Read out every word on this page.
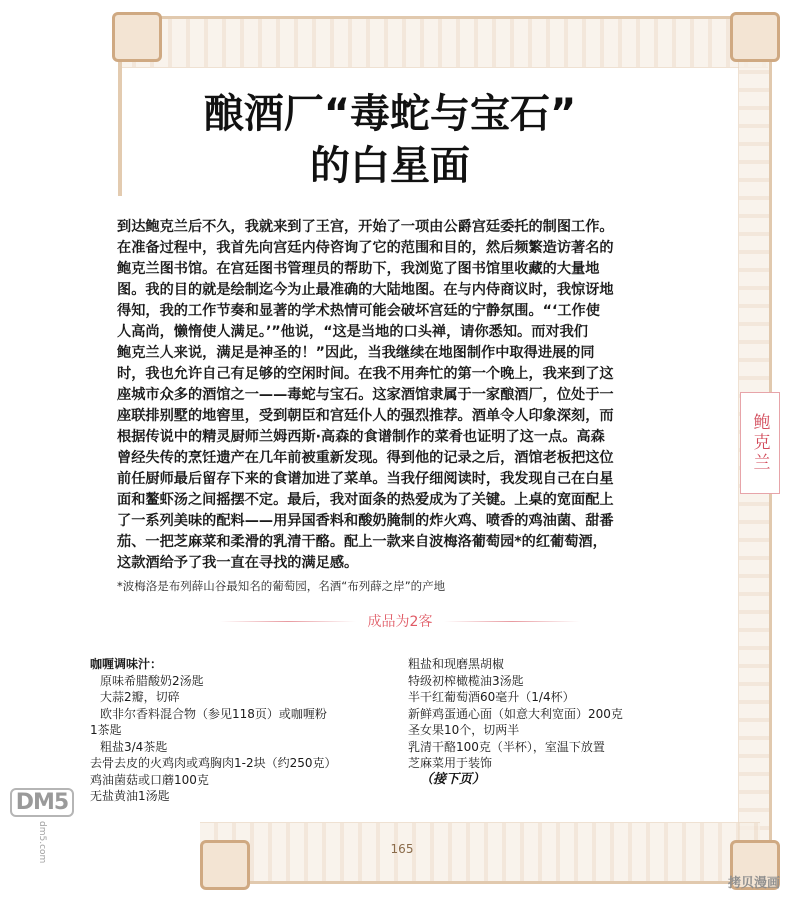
鲍克兰
酿酒厂“毒蛇与宝石”
的白星面
到达鲍克兰后不久，我就来到了王宫，开始了一项由公爵宫廷委托的制图工作。
在准备过程中，我首先向宫廷内侍咨询了它的范围和目的，然后频繁造访著名的
鲍克兰图书馆。在宫廷图书管理员的帮助下，我浏览了图书馆里收藏的大量地
图。我的目的就是绘制迄今为止最准确的大陆地图。在与内侍商议时，我惊讶地
得知，我的工作节奏和显著的学术热情可能会破坏宫廷的宁静氛围。“‘工作使
人高尚，懒惰使人满足。’”他说，“这是当地的口头禅，请你悉知。而对我们
鲍克兰人来说，满足是神圣的！”因此，当我继续在地图制作中取得进展的同
时，我也允许自己有足够的空闲时间。在我不用奔忙的第一个晚上，我来到了这
座城市众多的酒馆之一——毒蛇与宝石。这家酒馆隶属于一家酿酒厂，位处于一
座联排别墅的地窖里，受到朝臣和宫廷仆人的强烈推荐。酒单令人印象深刻，而
根据传说中的精灵厨师兰姆西斯·高森的食谱制作的菜肴也证明了这一点。高森
曾经失传的烹饪遗产在几年前被重新发现。得到他的记录之后，酒馆老板把这位
前任厨师最后留存下来的食谱加进了菜单。当我仔细阅读时，我发现自己在白星
面和鳌虾汤之间摇摆不定。最后，我对面条的热爱成为了关键。上桌的宽面配上
了一系列美味的配料——用异国香料和酸奶腌制的炸火鸡、喷香的鸡油菌、甜番
茄、一把芝麻菜和柔滑的乳清干酪。配上一款来自波梅洛葡萄园*的红葡萄酒，
这款酒给予了我一直在寻找的满足感。
*波梅洛是布列薛山谷最知名的葡萄园，名酒“布列薛之岸”的产地
成品为2客
咖喱调味汁：
原味希腊酸奶2汤匙
大蒜2瓣，切碎
欧非尔香料混合物（参见118页）或咖喱粉
1茶匙
粗盐3/4茶匙
去骨去皮的火鸡肉或鸡胸肉1-2块（约250克）
鸡油菌菇或口蘑100克
无盐黄油1汤匙
粗盐和现磨黑胡椒
特级初榨橄榄油3汤匙
半干红葡萄酒60毫升（1/4杯）
新鲜鸡蛋通心面（如意大利宽面）200克
圣女果10个，切两半
乳清干酪100克（半杯），室温下放置
芝麻菜用于装饰
（接下页）
165
DM5
dm5.com
拷贝漫画
